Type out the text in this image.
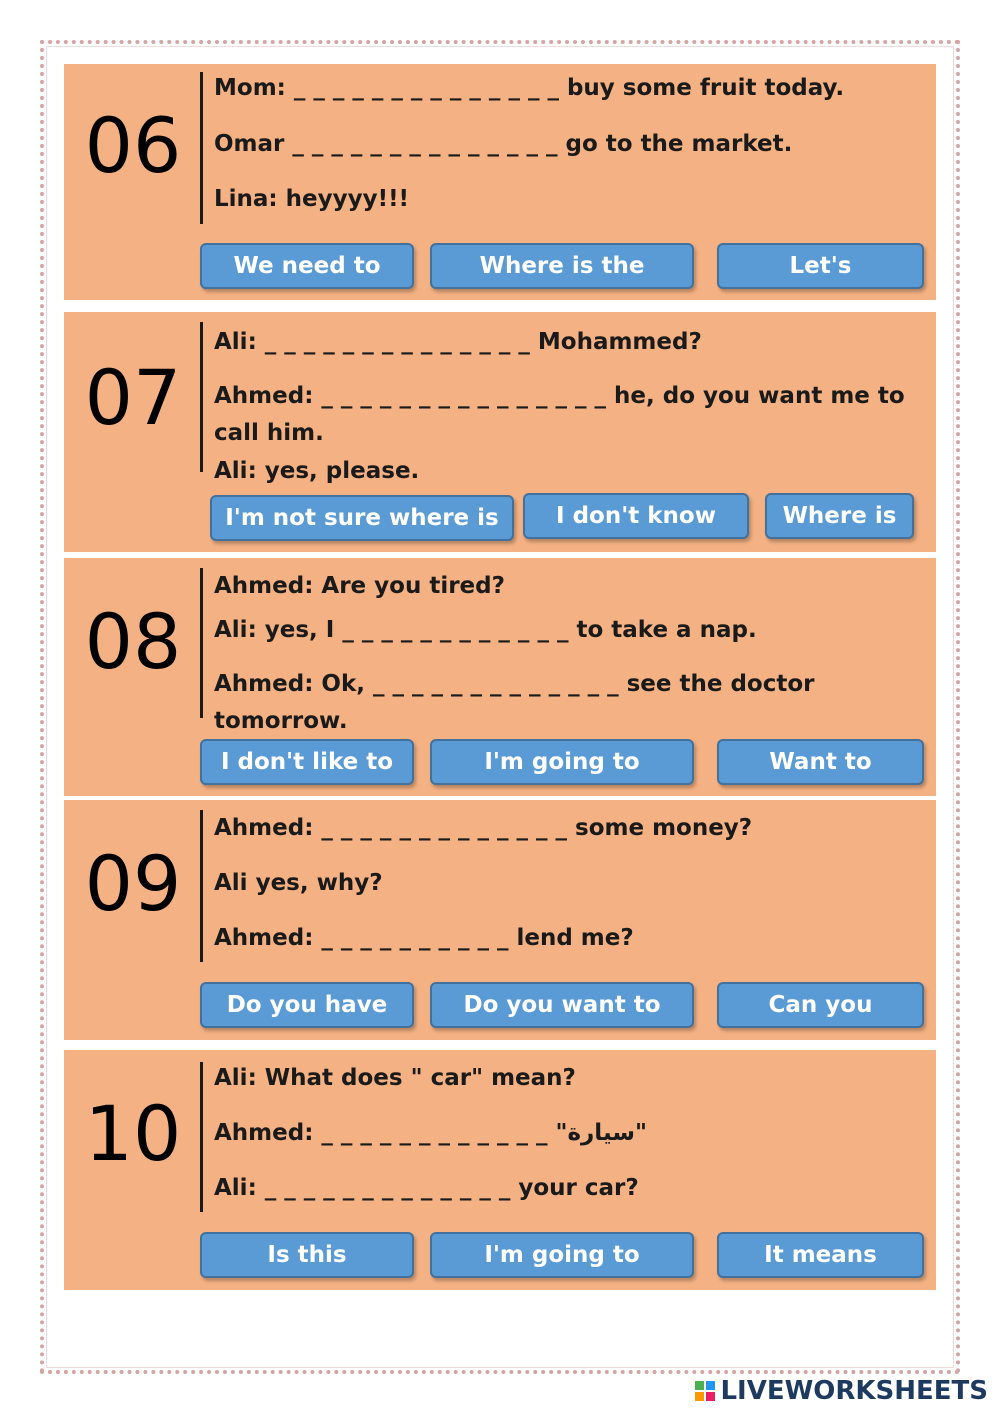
06
Mom: _ _ _ _ _ _ _ _ _ _ _ _ _ _ buy some fruit today.
Omar _ _ _ _ _ _ _ _ _ _ _ _ _ _ go to the market.
Lina: heyyyy!!!
We need to	Where is the	Let's
07
Ali: _ _ _ _ _ _ _ _ _ _ _ _ _ _ Mohammed?
Ahmed: _ _ _ _ _ _ _ _ _ _ _ _ _ _ _ he, do you want me to call him.
Ali: yes, please.
I'm not sure where is	I don't know	Where is
08
Ahmed: Are you tired?
Ali: yes, I _ _ _ _ _ _ _ _ _ _ _ _ to take a nap.
Ahmed: Ok, _ _ _ _ _ _ _ _ _ _ _ _ _ see the doctor tomorrow.
I don't like to	I'm going to	Want to
09
Ahmed: _ _ _ _ _ _ _ _ _ _ _ _ _ some money?
Ali yes, why?
Ahmed: _ _ _ _ _ _ _ _ _ _ lend me?
Do you have	Do you want to	Can you
10
Ali: What does " car" mean?
Ahmed: _ _ _ _ _ _ _ _ _ _ _ _ "سيارة"
Ali: _ _ _ _ _ _ _ _ _ _ _ _ _ your car?
Is this	I'm going to	It means
LIVEWORKSHEETS
